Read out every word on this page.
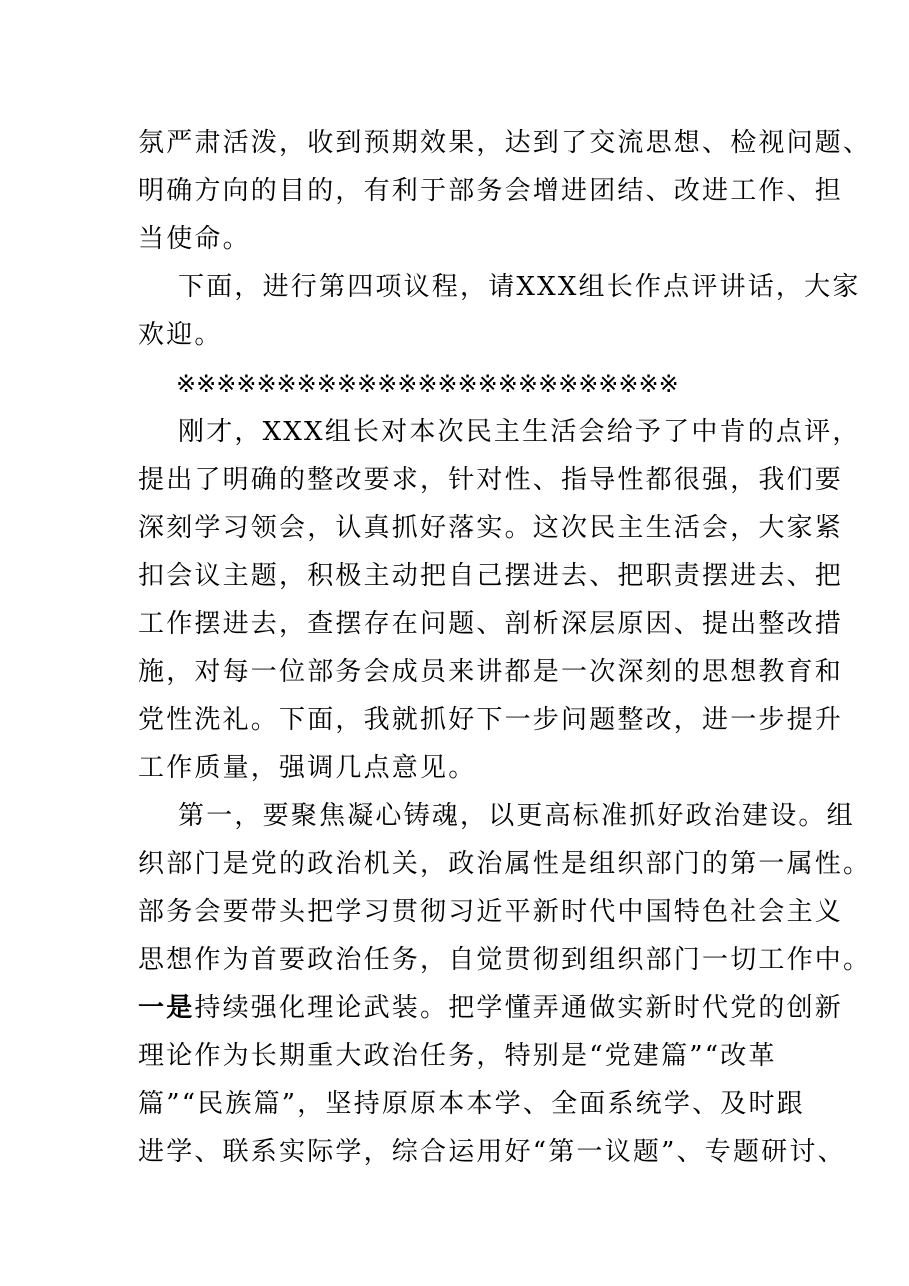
氛严肃活泼，收到预期效果，达到了交流思想、检视问题、
明确方向的目的，有利于部务会增进团结、改进工作、担
当使命。
下面，进行第四项议程，请XXX组长作点评讲话，大家
欢迎。
※※※※※※※※※※※※※※※※※※※※※※※※※
刚才，XXX组长对本次民主生活会给予了中肯的点评，
提出了明确的整改要求，针对性、指导性都很强，我们要
深刻学习领会，认真抓好落实。这次民主生活会，大家紧
扣会议主题，积极主动把自己摆进去、把职责摆进去、把
工作摆进去，查摆存在问题、剖析深层原因、提出整改措
施，对每一位部务会成员来讲都是一次深刻的思想教育和
党性洗礼。下面，我就抓好下一步问题整改，进一步提升
工作质量，强调几点意见。
第一，要聚焦凝心铸魂，以更高标准抓好政治建设。组
织部门是党的政治机关，政治属性是组织部门的第一属性。
部务会要带头把学习贯彻习近平新时代中国特色社会主义
思想作为首要政治任务，自觉贯彻到组织部门一切工作中。
一是持续强化理论武装。把学懂弄通做实新时代党的创新
理论作为长期重大政治任务，特别是“党建篇”“改革
篇”“民族篇”，坚持原原本本学、全面系统学、及时跟
进学、联系实际学，综合运用好“第一议题”、专题研讨、
